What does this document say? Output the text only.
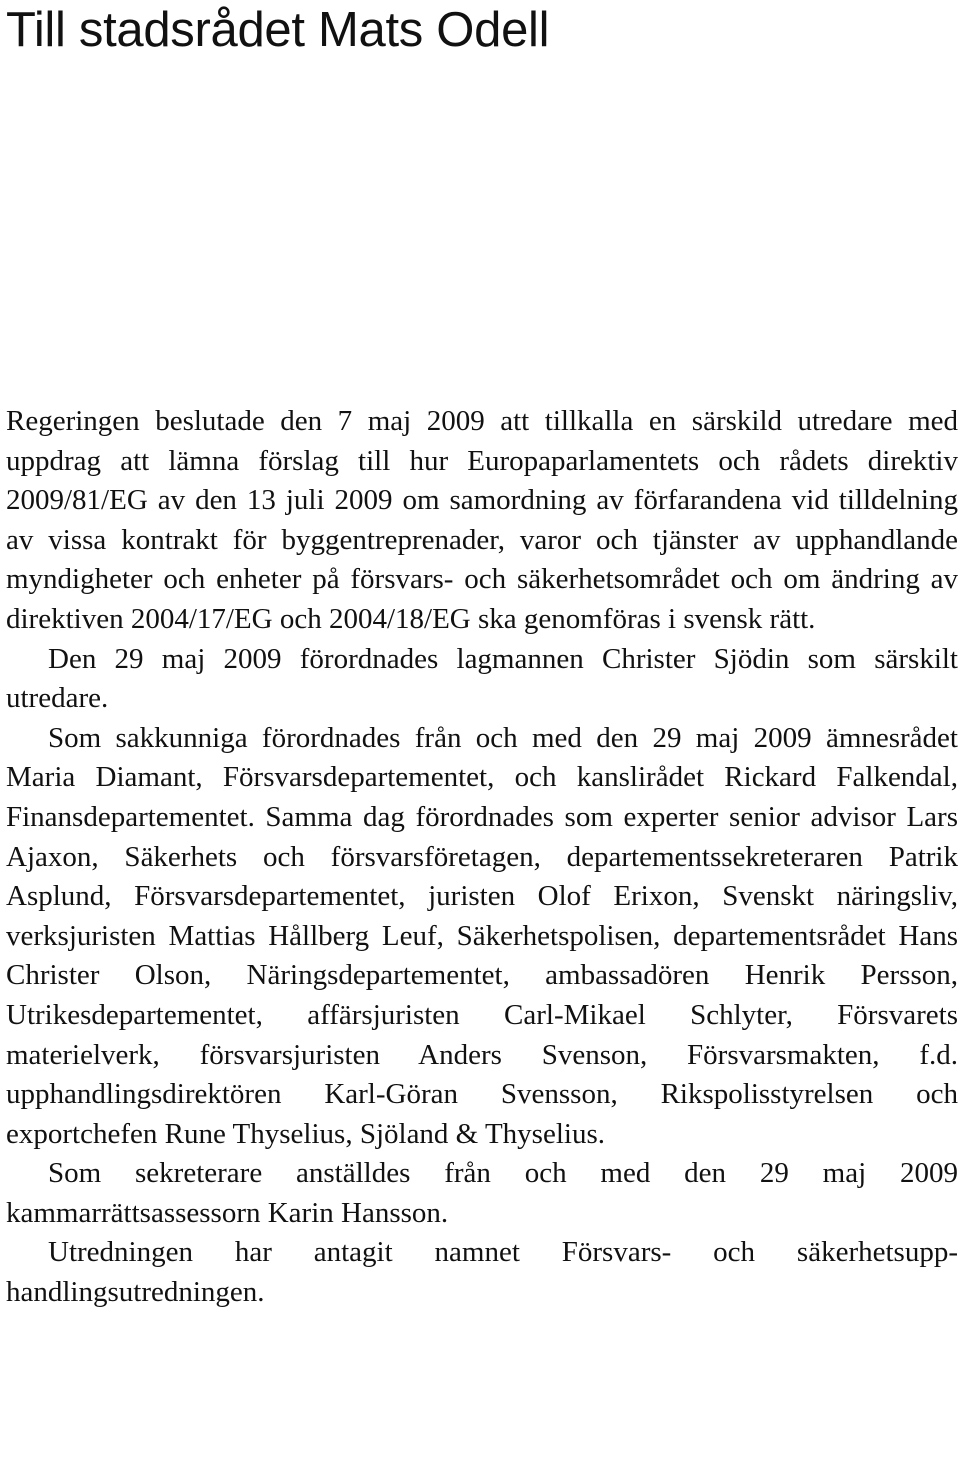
Till stadsrådet Mats Odell

Regeringen beslutade den 7 maj 2009 att tillkalla en särskild utredare med uppdrag att lämna förslag till hur Europaparlamentets och rådets direktiv 2009/81/EG av den 13 juli 2009 om samordning av förfarandena vid tilldelning av vissa kontrakt för byggentreprenader, varor och tjänster av upphandlande myndigheter och enheter på försvars- och säkerhetsområdet och om ändring av direktiven 2004/17/EG och 2004/18/EG ska genomföras i svensk rätt.

Den 29 maj 2009 förordnades lagmannen Christer Sjödin som särskilt utredare.

Som sakkunniga förordnades från och med den 29 maj 2009 ämnesrådet Maria Diamant, Försvarsdepartementet, och kanslirådet Rickard Falkendal, Finansdepartementet. Samma dag förordnades som experter senior advisor Lars Ajaxon, Säkerhets och försvarsföretagen, departementssekreteraren Patrik Asplund, Försvarsdepartementet, juristen Olof Erixon, Svenskt näringsliv, verksjuristen Mattias Hållberg Leuf, Säkerhetspolisen, departementsrådet Hans Christer Olson, Näringsdepartementet, ambassadören Henrik Persson, Utrikesdepartementet, affärsjuristen Carl-Mikael Schlyter, Försvarets materielverk, försvarsjuristen Anders Svenson, Försvarsmakten, f.d. upphandlingsdirektören Karl-Göran Svensson, Rikspolisstyrelsen och exportchefen Rune Thyselius, Sjöland & Thyselius.

Som sekreterare anställdes från och med den 29 maj 2009 kammarrättsassessorn Karin Hansson.

Utredningen har antagit namnet Försvars- och säkerhetsupphandlingsutredningen.
